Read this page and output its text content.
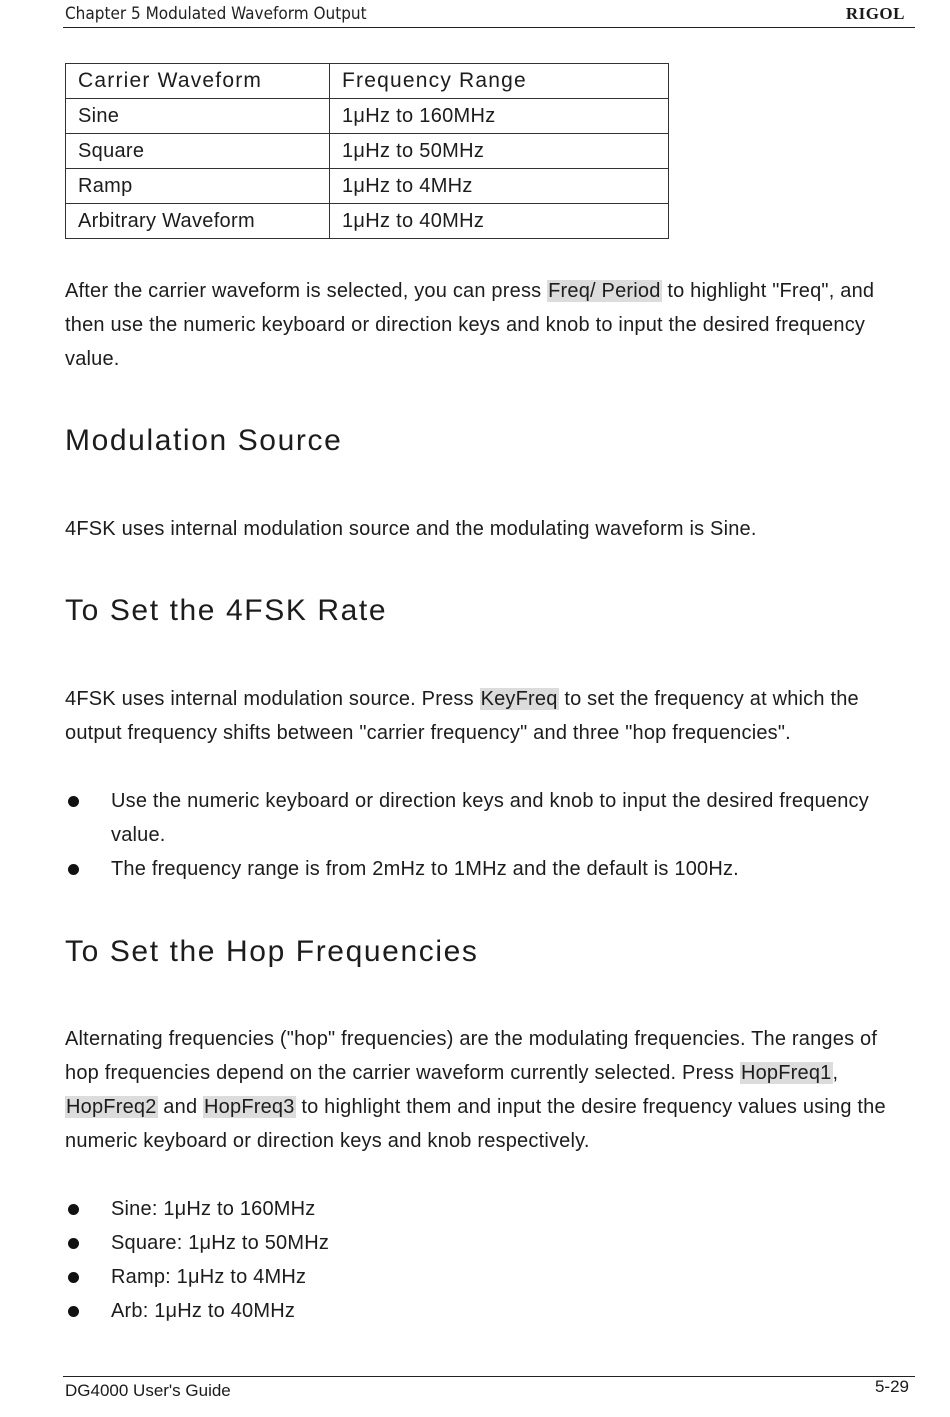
Chapter 5 Modulated Waveform Output	RIGOL
Carrier Waveform	Frequency Range
Sine	1μHz to 160MHz
Square	1μHz to 50MHz
Ramp	1μHz to 4MHz
Arbitrary Waveform	1μHz to 40MHz
After the carrier waveform is selected, you can press Freq/ Period to highlight "Freq", and then use the numeric keyboard or direction keys and knob to input the desired frequency value.
Modulation Source
4FSK uses internal modulation source and the modulating waveform is Sine.
To Set the 4FSK Rate
4FSK uses internal modulation source. Press KeyFreq to set the frequency at which the output frequency shifts between "carrier frequency" and three "hop frequencies".
Use the numeric keyboard or direction keys and knob to input the desired frequency value.
The frequency range is from 2mHz to 1MHz and the default is 100Hz.
To Set the Hop Frequencies
Alternating frequencies ("hop" frequencies) are the modulating frequencies. The ranges of hop frequencies depend on the carrier waveform currently selected. Press HopFreq1, HopFreq2 and HopFreq3 to highlight them and input the desire frequency values using the numeric keyboard or direction keys and knob respectively.
Sine: 1μHz to 160MHz
Square: 1μHz to 50MHz
Ramp: 1μHz to 4MHz
Arb: 1μHz to 40MHz
DG4000 User's Guide	5-29
